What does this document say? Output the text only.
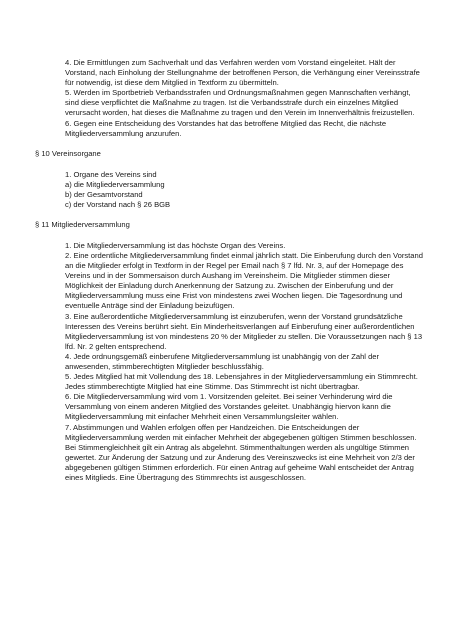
4. Die Ermittlungen zum Sachverhalt und das Verfahren werden vom Vorstand eingeleitet. Hält der Vorstand, nach Einholung der Stellungnahme der betroffenen Person, die Verhängung einer Vereinsstrafe für notwendig, ist diese dem Mitglied in Textform zu übermitteln.

5. Werden im Sportbetrieb Verbandsstrafen und Ordnungsmaßnahmen gegen Mannschaften verhängt, sind diese verpflichtet die Maßnahme zu tragen. Ist die Verbandsstrafe durch ein einzelnes Mitglied verursacht worden, hat dieses die Maßnahme zu tragen und den Verein im Innenverhältnis freizustellen.

6. Gegen eine Entscheidung des Vorstandes hat das betroffene Mitglied das Recht, die nächste Mitgliederversammlung anzurufen.

§ 10 Vereinsorgane

1. Organe des Vereins sind

a) die Mitgliederversammlung

b) der Gesamtvorstand

c) der Vorstand nach § 26 BGB

§ 11 Mitgliederversammlung

1. Die Mitgliederversammlung ist das höchste Organ des Vereins.

2. Eine ordentliche Mitgliederversammlung findet einmal jährlich statt. Die Einberufung durch den Vorstand an die Mitglieder erfolgt in Textform in der Regel per Email nach § 7 lfd. Nr. 3, auf der Homepage des Vereins und in der Sommersaison durch Aushang im Vereinsheim. Die Mitglieder stimmen dieser Möglichkeit der Einladung durch Anerkennung der Satzung zu. Zwischen der Einberufung und der Mitgliederversammlung muss eine Frist von mindestens zwei Wochen liegen. Die Tagesordnung und eventuelle Anträge sind der Einladung beizufügen.

3. Eine außerordentliche Mitgliederversammlung ist einzuberufen, wenn der Vorstand grundsätzliche Interessen des Vereins berührt sieht. Ein Minderheitsverlangen auf Einberufung einer außerordentlichen Mitgliederversammlung ist von mindestens 20 % der Mitglieder zu stellen. Die Voraussetzungen nach § 13 lfd. Nr. 2 gelten entsprechend.

4. Jede ordnungsgemäß einberufene Mitgliederversammlung ist unabhängig von der Zahl der anwesenden, stimmberechtigten Mitglieder beschlussfähig.

5. Jedes Mitglied hat mit Vollendung des 18. Lebensjahres in der Mitgliederversammlung ein Stimmrecht. Jedes stimmberechtigte Mitglied hat eine Stimme. Das Stimmrecht ist nicht übertragbar.

6. Die Mitgliederversammlung wird vom 1. Vorsitzenden geleitet. Bei seiner Verhinderung wird die Versammlung von einem anderen Mitglied des Vorstandes geleitet. Unabhängig hiervon kann die Mitgliederversammlung mit einfacher Mehrheit einen Versammlungsleiter wählen.

7. Abstimmungen und Wahlen erfolgen offen per Handzeichen. Die Entscheidungen der Mitgliederversammlung werden mit einfacher Mehrheit der abgegebenen gültigen Stimmen beschlossen. Bei Stimmengleichheit gilt ein Antrag als abgelehnt. Stimmenthaltungen werden als ungültige Stimmen gewertet. Zur Änderung der Satzung und zur Änderung des Vereinszwecks ist eine Mehrheit von 2/3 der abgegebenen gültigen Stimmen erforderlich. Für einen Antrag auf geheime Wahl entscheidet der Antrag eines Mitglieds. Eine Übertragung des Stimmrechts ist ausgeschlossen.
